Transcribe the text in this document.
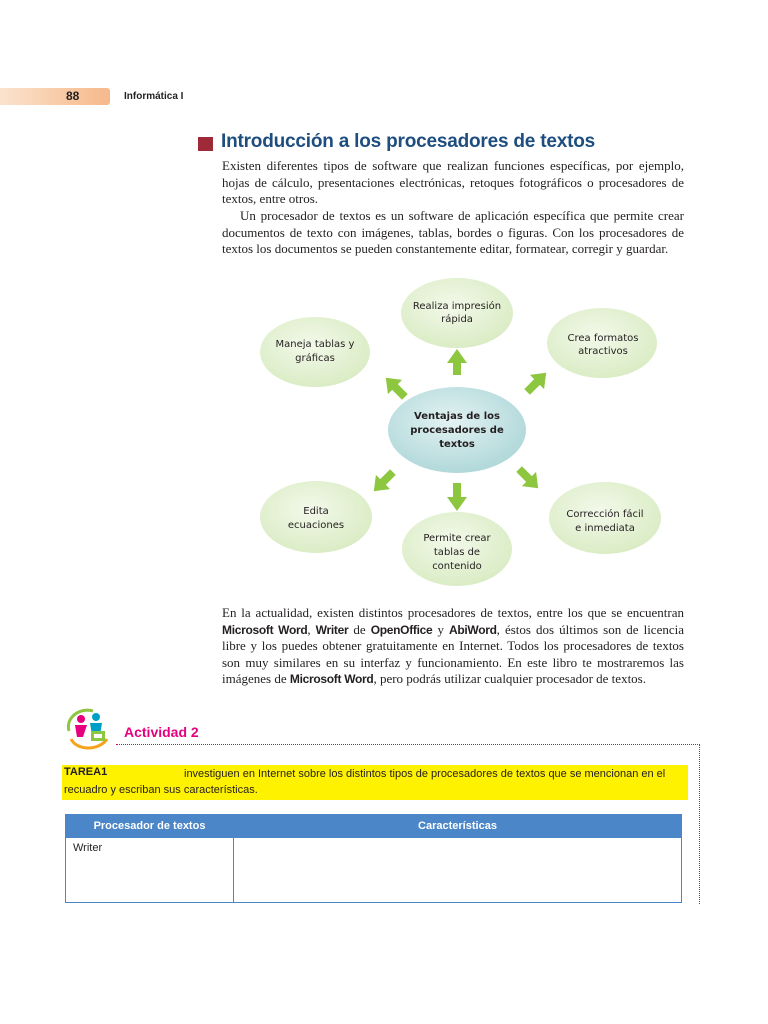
88	Informática I
Introducción a los procesadores de textos
Existen diferentes tipos de software que realizan funciones específicas, por ejemplo, hojas de cálculo, presentaciones electrónicas, retoques fotográficos o procesadores de textos, entre otros.
Un procesador de textos es un software de aplicación específica que permite crear documentos de texto con imágenes, tablas, bordes o figuras. Con los procesadores de textos los documentos se pueden constantemente editar, formatear, corregir y guardar.
Ventajas de los
procesadores de
textos
Realiza impresión
rápida
Crea formatos
atractivos
Maneja tablas y
gráficas
Edita
ecuaciones
Permite crear
tablas de
contenido
Corrección fácil
e inmediata
En la actualidad, existen distintos procesadores de textos, entre los que se encuentran Microsoft Word, Writer de OpenOffice y AbiWord, éstos dos últimos son de licencia libre y los puedes obtener gratuitamente en Internet. Todos los procesadores de textos son muy similares en su interfaz y funcionamiento. En este libro te mostraremos las imágenes de Microsoft Word, pero podrás utilizar cualquier procesador de textos.
Actividad 2
investiguen en Internet sobre los distintos tipos de procesadores de textos que se mencionan en el recuadro y escriban sus características.
TAREA1
Procesador de textos	Características
Writer	
